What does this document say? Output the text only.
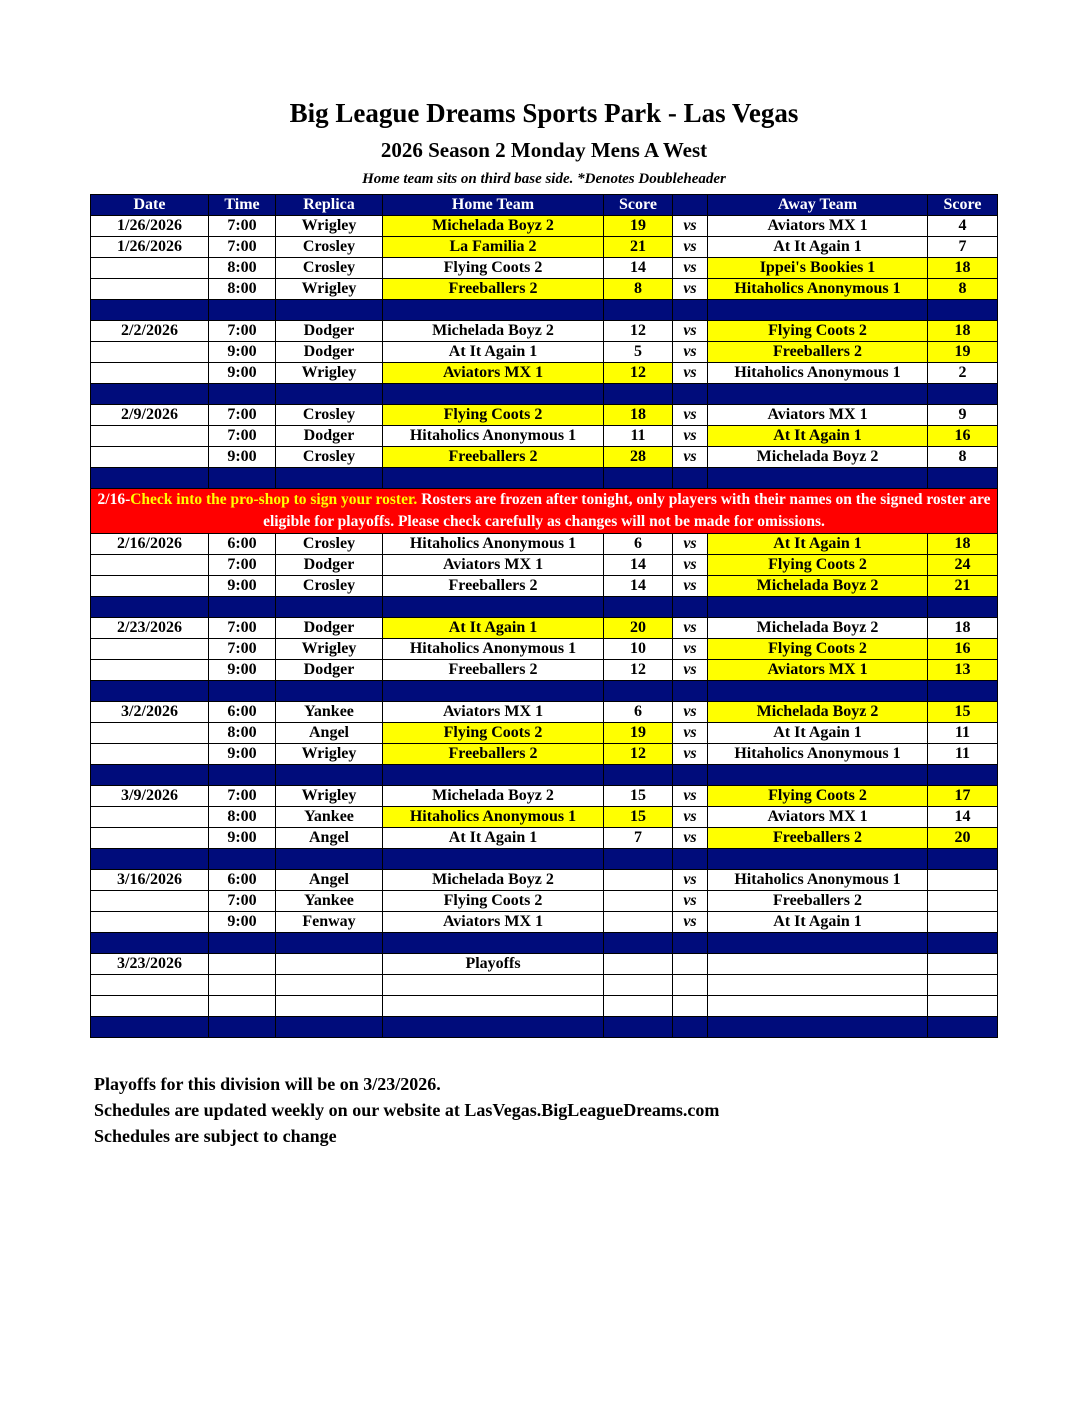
Big League Dreams Sports Park - Las Vegas
2026 Season 2 Monday Mens A West
Home team sits on third base side. *Denotes Doubleheader
Date	Time	Replica	Home Team	Score		Away Team	Score
1/26/2026	7:00	Wrigley	Michelada Boyz 2	19	vs	Aviators MX 1	4
1/26/2026	7:00	Crosley	La Familia 2	21	vs	At It Again 1	7
	8:00	Crosley	Flying Coots 2	14	vs	Ippei's Bookies 1	18
	8:00	Wrigley	Freeballers 2	8	vs	Hitaholics Anonymous 1	8

2/2/2026	7:00	Dodger	Michelada Boyz 2	12	vs	Flying Coots 2	18
	9:00	Dodger	At It Again 1	5	vs	Freeballers 2	19
	9:00	Wrigley	Aviators MX 1	12	vs	Hitaholics Anonymous 1	2

2/9/2026	7:00	Crosley	Flying Coots 2	18	vs	Aviators MX 1	9
	7:00	Dodger	Hitaholics Anonymous 1	11	vs	At It Again 1	16
	9:00	Crosley	Freeballers 2	28	vs	Michelada Boyz 2	8

2/16-Check into the pro-shop to sign your roster. Rosters are frozen after tonight, only players with their names on the signed roster are eligible for playoffs. Please check carefully as changes will not be made for omissions.							
2/16/2026	6:00	Crosley	Hitaholics Anonymous 1	6	vs	At It Again 1	18
	7:00	Dodger	Aviators MX 1	14	vs	Flying Coots 2	24
	9:00	Crosley	Freeballers 2	14	vs	Michelada Boyz 2	21

2/23/2026	7:00	Dodger	At It Again 1	20	vs	Michelada Boyz 2	18
	7:00	Wrigley	Hitaholics Anonymous 1	10	vs	Flying Coots 2	16
	9:00	Dodger	Freeballers 2	12	vs	Aviators MX 1	13

3/2/2026	6:00	Yankee	Aviators MX 1	6	vs	Michelada Boyz 2	15
	8:00	Angel	Flying Coots 2	19	vs	At It Again 1	11
	9:00	Wrigley	Freeballers 2	12	vs	Hitaholics Anonymous 1	11

3/9/2026	7:00	Wrigley	Michelada Boyz 2	15	vs	Flying Coots 2	17
	8:00	Yankee	Hitaholics Anonymous 1	15	vs	Aviators MX 1	14
	9:00	Angel	At It Again 1	7	vs	Freeballers 2	20

3/16/2026	6:00	Angel	Michelada Boyz 2		vs	Hitaholics Anonymous 1	
	7:00	Yankee	Flying Coots 2		vs	Freeballers 2	
	9:00	Fenway	Aviators MX 1		vs	At It Again 1	

3/23/2026			Playoffs				

Playoffs for this division will be on 3/23/2026.
Schedules are updated weekly on our website at LasVegas.BigLeagueDreams.com
Schedules are subject to change
